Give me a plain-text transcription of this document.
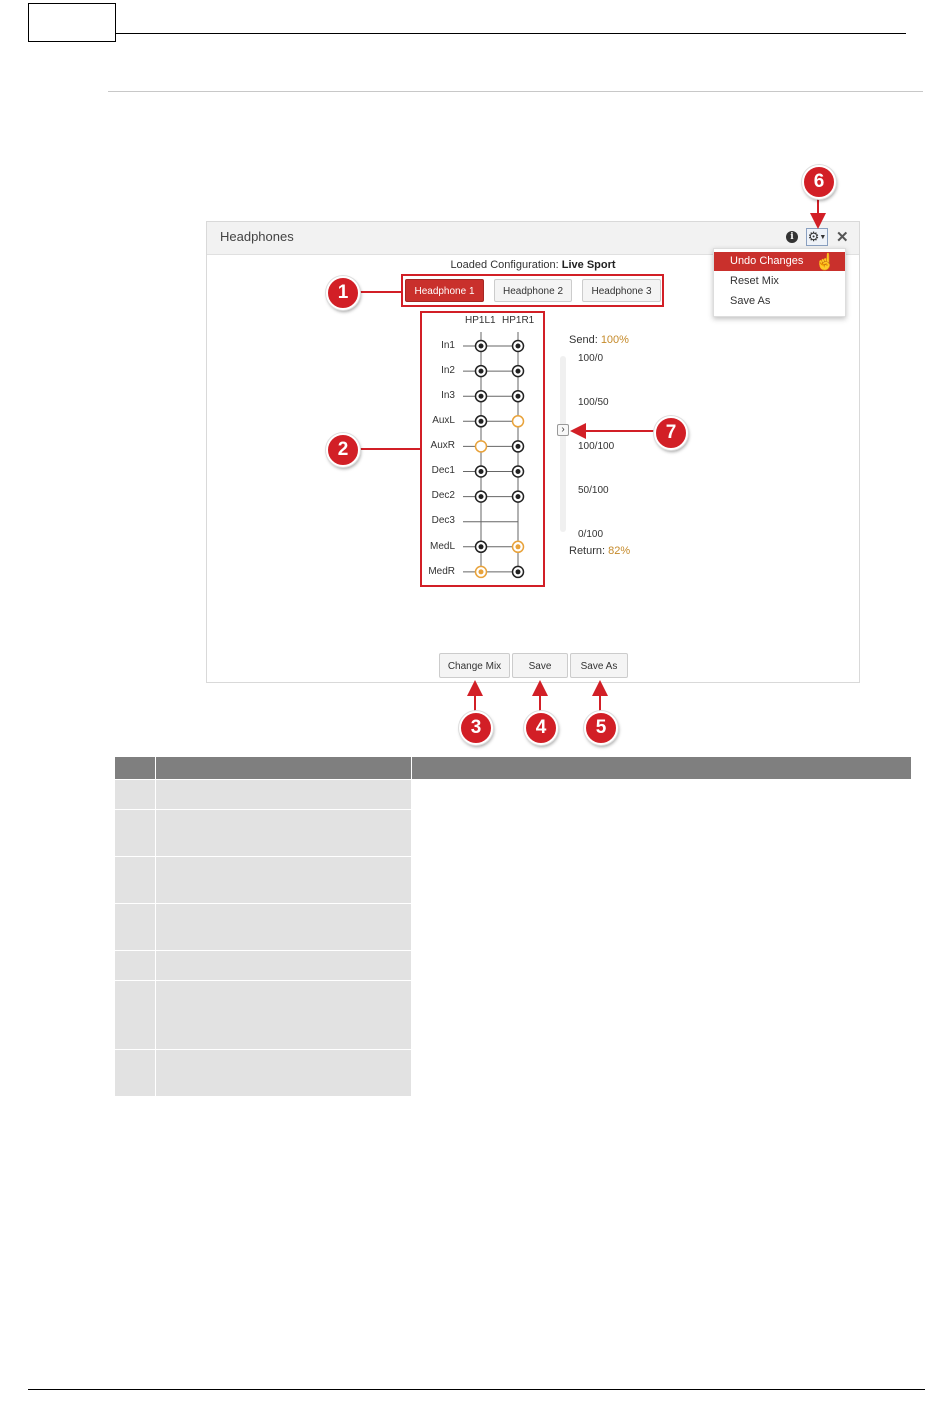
Headphones	i	⚙▼ ✕
Loaded Configuration: Live Sport
Headphone 1	Headphone 2	Headphone 3
HP1L1 HP1R1
In1
In2
In3
AuxL
AuxR
Dec1
Dec2
Dec3
MedL
MedR
Send: 100%
100/0
100/50
100/100
50/100
0/100
›
Return: 82%
Change Mix	Save	Save As
Undo Changes
Reset Mix
Save As
☝
1
2
3	4	5
6
7
